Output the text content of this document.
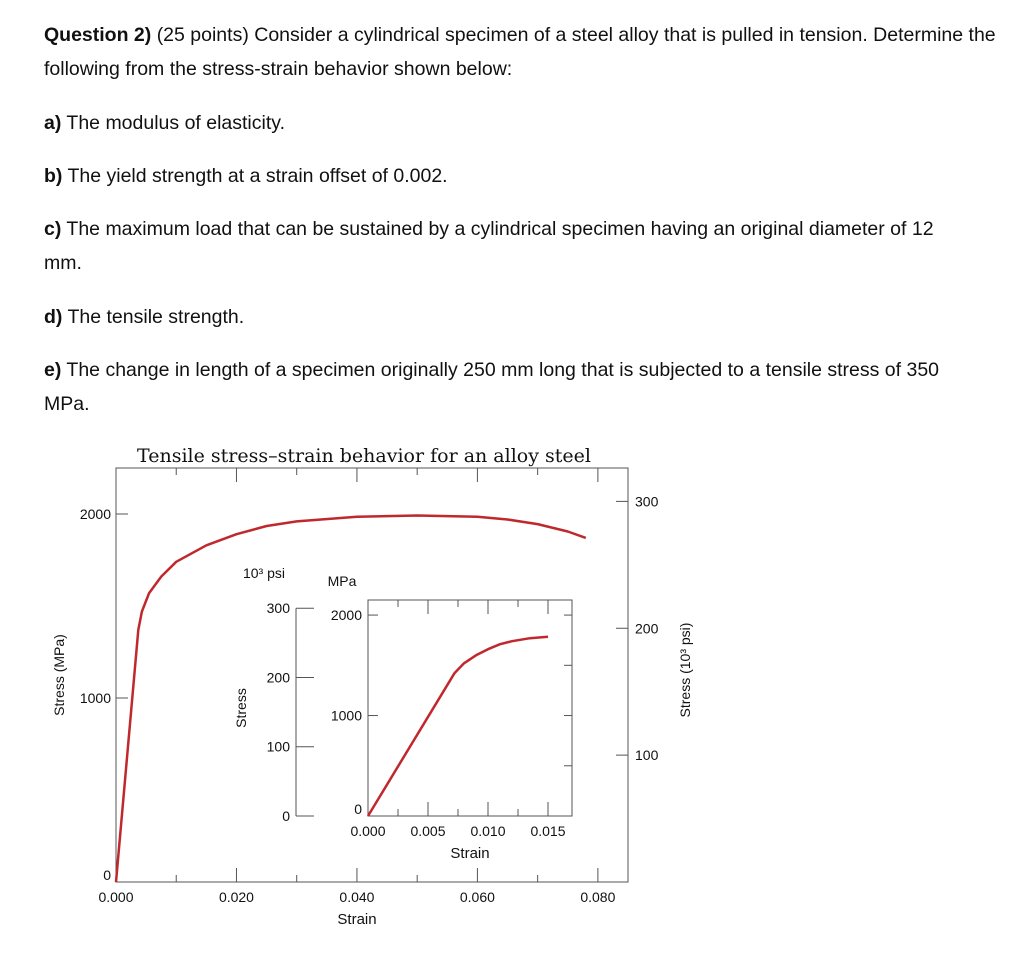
Question 2) (25 points) Consider a cylindrical specimen of a steel alloy that is pulled in tension. Determine the following from the stress-strain behavior shown below:
a) The modulus of elasticity.
b) The yield strength at a strain offset of 0.002.
c) The maximum load that can be sustained by a cylindrical specimen having an original diameter of 12 mm.
d) The tensile strength.
e) The change in length of a specimen originally 250 mm long that is subjected to a tensile stress of 350 MPa.
Tensile stress–strain behavior for an alloy steel
0.000	0.020	0.040	0.060	0.080
0
1000
2000
100
200
300
Stress (MPa)	Stress (10³ psi)
Strain
0.000 0.005 0.010 0.015
0
1000
2000
0
100
200
300
MPa
10³ psi
Stress
Strain
